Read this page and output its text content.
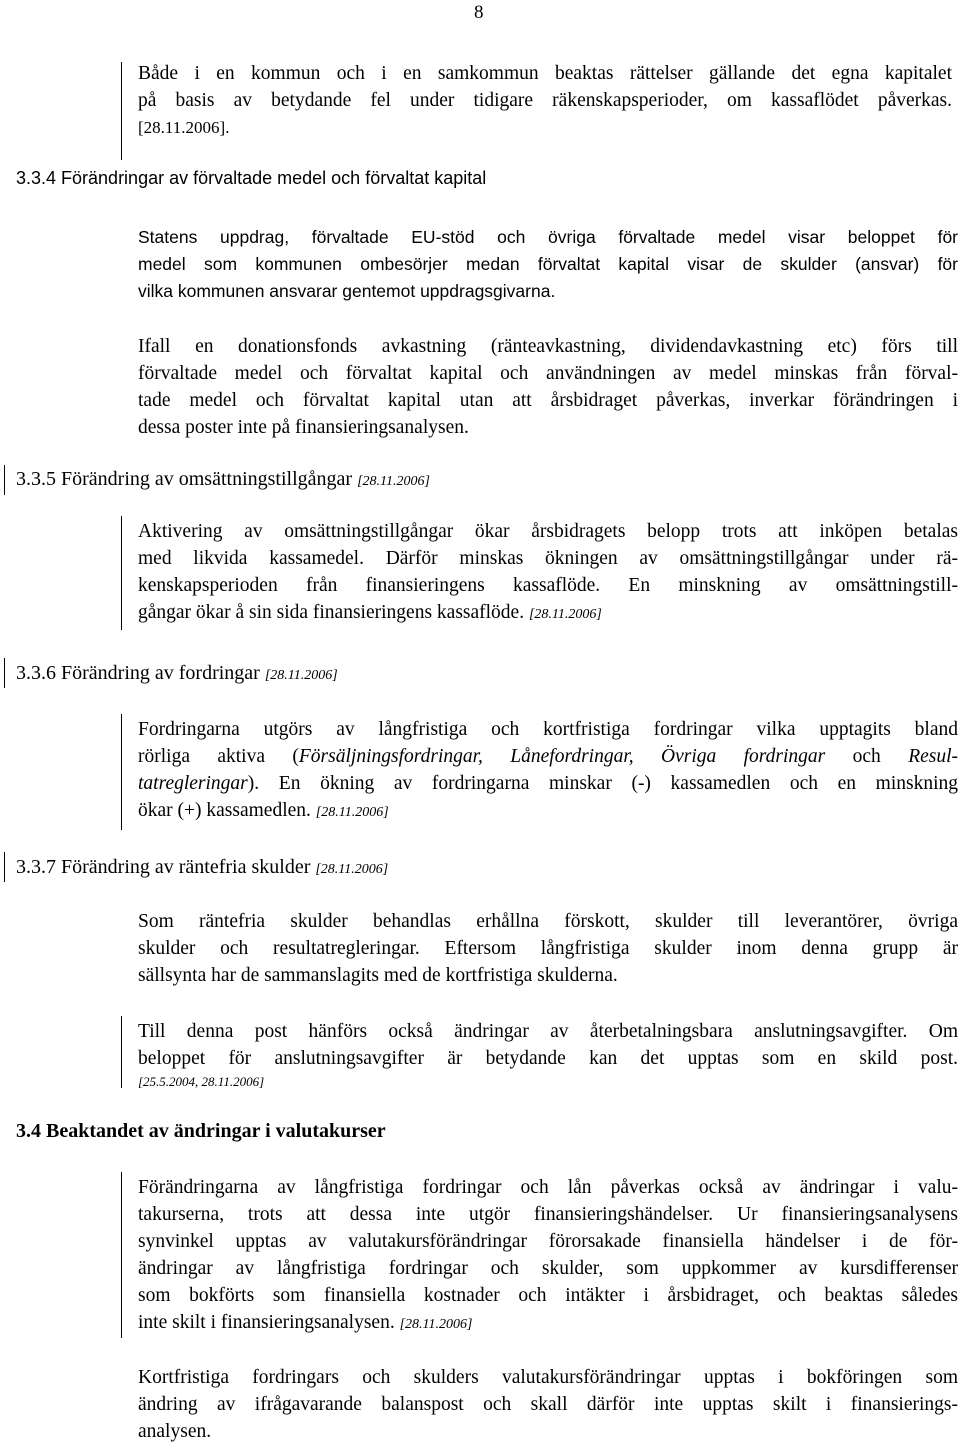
8
Både i en kommun och i en samkommun beaktas rättelser gällande det egna kapitalet
på basis av betydande fel under tidigare räkenskapsperioder, om kassaflödet påverkas.
[28.11.2006].
3.3.4 Förändringar av förvaltade medel och förvaltat kapital
Statens uppdrag, förvaltade EU-stöd och övriga förvaltade medel visar beloppet för
medel som kommunen ombesörjer medan förvaltat kapital visar de skulder (ansvar) för
vilka kommunen ansvarar gentemot uppdragsgivarna.
Ifall en donationsfonds avkastning (ränteavkastning, dividendavkastning etc) förs till
förvaltade medel och förvaltat kapital och användningen av medel minskas från förval-
tade medel och förvaltat kapital utan att årsbidraget påverkas, inverkar förändringen i
dessa poster inte på finansieringsanalysen.
3.3.5 Förändring av omsättningstillgångar [28.11.2006]
Aktivering av omsättningstillgångar ökar årsbidragets belopp trots att inköpen betalas
med likvida kassamedel. Därför minskas ökningen av omsättningstillgångar under rä-
kenskapsperioden från finansieringens kassaflöde. En minskning av omsättningstill-
gångar ökar å sin sida finansieringens kassaflöde. [28.11.2006]
3.3.6 Förändring av fordringar [28.11.2006]
Fordringarna utgörs av långfristiga och kortfristiga fordringar vilka upptagits bland
rörliga aktiva (Försäljningsfordringar, Lånefordringar, Övriga fordringar och Resul-
tatregleringar). En ökning av fordringarna minskar (-) kassamedlen och en minskning
ökar (+) kassamedlen. [28.11.2006]
3.3.7 Förändring av räntefria skulder [28.11.2006]
Som räntefria skulder behandlas erhållna förskott, skulder till leverantörer, övriga
skulder och resultatregleringar. Eftersom långfristiga skulder inom denna grupp är
sällsynta har de sammanslagits med de kortfristiga skulderna.
Till denna post hänförs också ändringar av återbetalningsbara anslutningsavgifter. Om
beloppet för anslutningsavgifter är betydande kan det upptas som en skild post.
[25.5.2004, 28.11.2006]
3.4 Beaktandet av ändringar i valutakurser
Förändringarna av långfristiga fordringar och lån påverkas också av ändringar i valu-
takurserna, trots att dessa inte utgör finansieringshändelser. Ur finansieringsanalysens
synvinkel upptas av valutakursförändringar förorsakade finansiella händelser i de för-
ändringar av långfristiga fordringar och skulder, som uppkommer av kursdifferenser
som bokförts som finansiella kostnader och intäkter i årsbidraget, och beaktas således
inte skilt i finansieringsanalysen. [28.11.2006]
Kortfristiga fordringars och skulders valutakursförändringar upptas i bokföringen som
ändring av ifrågavarande balanspost och skall därför inte upptas skilt i finansierings-
analysen.
